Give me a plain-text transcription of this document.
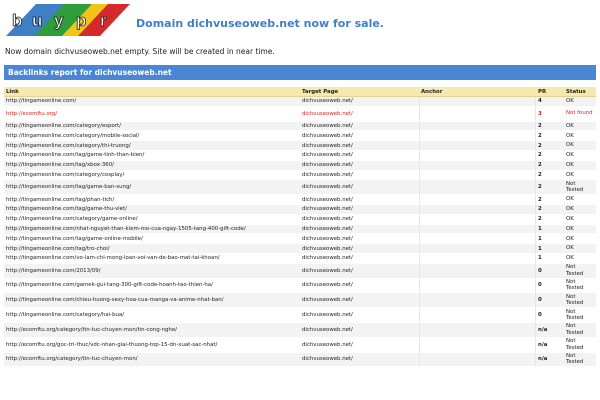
b u y p r	Domain dichvuseoweb.net now for sale.
Now domain dichvuseoweb.net empty. Site will be created in near time.
Backlinks report for dichvuseoweb.net
Link	Target Page	Anchor	PR	Status
http://tingameonline.com/	dichvuseoweb.net/		4	OK
http://ecomftu.org/	dichvuseoweb.net/		3	Not found
http://tingameonline.com/category/esport/	dichvuseoweb.net/		2	OK
http://tingameonline.com/category/mobile-social/	dichvuseoweb.net/		2	OK
http://tingameonline.com/category/thi-truong/	dichvuseoweb.net/		2	OK
http://tingameonline.com/tag/game-tinh-than-bien/	dichvuseoweb.net/		2	OK
http://tingameonline.com/tag/xbox-360/	dichvuseoweb.net/		2	OK
http://tingameonline.com/category/cosplay/	dichvuseoweb.net/		2	OK
http://tingameonline.com/tag/game-ban-sung/	dichvuseoweb.net/		2	Not Tested
http://tingameonline.com/tag/phan-tich/	dichvuseoweb.net/		2	OK
http://tingameonline.com/tag/game-thu-viet/	dichvuseoweb.net/		2	OK
http://tingameonline.com/category/game-online/	dichvuseoweb.net/		2	OK
http://tingameonline.com/nhat-nguyet-than-kiem-mo-cua-ngay-1505-tang-400-gift-code/	dichvuseoweb.net/		1	OK
http://tingameonline.com/tag/game-online-mobile/	dichvuseoweb.net/		1	OK
http://tingameonline.com/tag/tro-choi/	dichvuseoweb.net/		1	OK
http://tingameonline.com/vo-lam-chi-mong-loan-voi-van-de-bao-mat-tai-khoan/	dichvuseoweb.net/		1	OK
http://tingameonline.com/2013/09/	dichvuseoweb.net/		0	Not Tested
http://tingameonline.com/gamek-gui-tang-300-gift-code-hoanh-tao-thien-ha/	dichvuseoweb.net/		0	Not Tested
http://tingameonline.com/chieu-huong-sexy-hoa-cua-manga-va-anime-nhat-ban/	dichvuseoweb.net/		0	Not Tested
http://tingameonline.com/category/hai-bua/	dichvuseoweb.net/		0	Not Tested
http://ecomftu.org/category/tin-tuc-chuyen-mon/tin-cong-nghe/	dichvuseoweb.net/		n/a	Not Tested
http://ecomftu.org/goc-tri-thuc/vdc-nhan-giai-thuong-top-15-dn-xuat-sac-nhat/	dichvuseoweb.net/		n/a	Not Tested
http://ecomftu.org/category/tin-tuc-chuyen-mon/	dichvuseoweb.net/		n/a	Not Tested
